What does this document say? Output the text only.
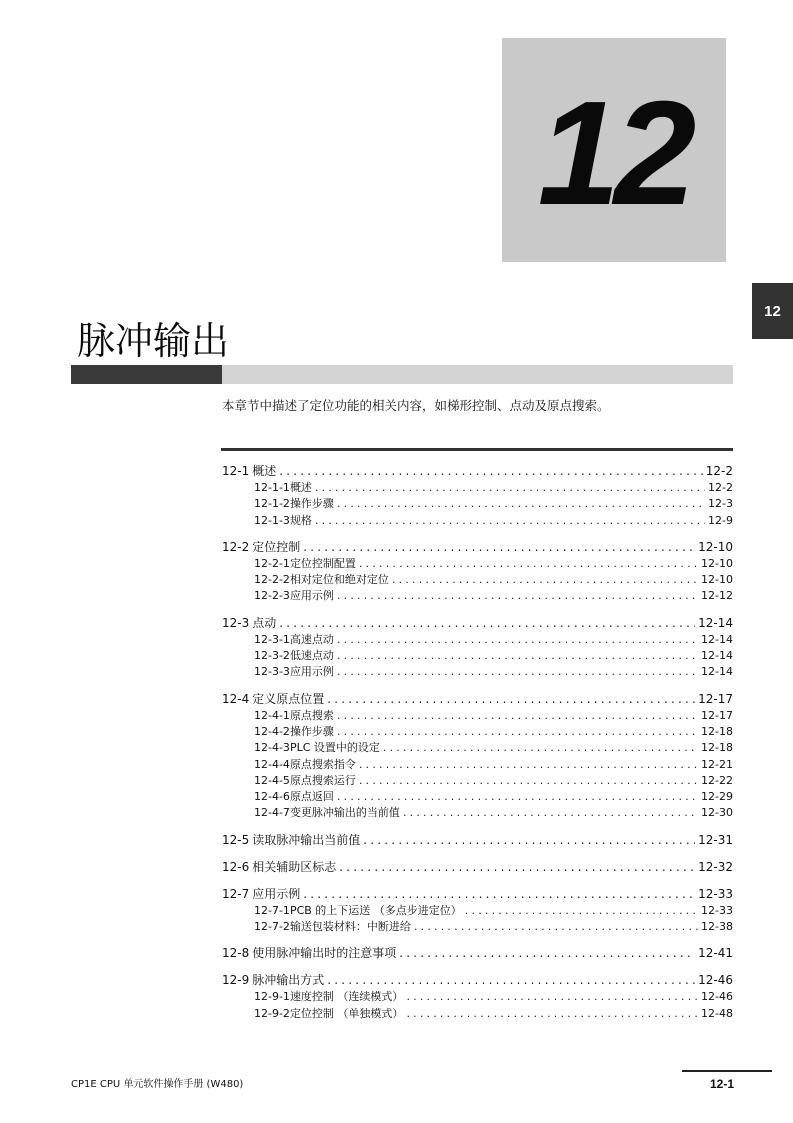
12
12
脉冲输出

本章节中描述了定位功能的相关内容，如梯形控制、点动及原点搜索。

12-1 概述 .....	12-2
12-1-1 概述 .....	12-2
12-1-2 操作步骤 .....	12-3
12-1-3 规格 .....	12-9
12-2 定位控制 .....	12-10
12-2-1 定位控制配置 .....	12-10
12-2-2 相对定位和绝对定位 .....	12-10
12-2-3 应用示例 .....	12-12
12-3 点动 .....	12-14
12-3-1 高速点动 .....	12-14
12-3-2 低速点动 .....	12-14
12-3-3 应用示例 .....	12-14
12-4 定义原点位置 .....	12-17
12-4-1 原点搜索 .....	12-17
12-4-2 操作步骤 .....	12-18
12-4-3 PLC 设置中的设定 .....	12-18
12-4-4 原点搜索指令 .....	12-21
12-4-5 原点搜索运行 .....	12-22
12-4-6 原点返回 .....	12-29
12-4-7 变更脉冲输出的当前值 .....	12-30
12-5 读取脉冲输出当前值 .....	12-31
12-6 相关辅助区标志 .....	12-32
12-7 应用示例 .....	12-33
12-7-1 PCB 的上下运送 （多点步进定位） .....	12-33
12-7-2 输送包装材料：中断进给 .....	12-38
12-8 使用脉冲输出时的注意事项 .....	12-41
12-9 脉冲输出方式 .....	12-46
12-9-1 速度控制 （连续模式） .....	12-46
12-9-2 定位控制 （单独模式） .....	12-48
CP1E CPU 单元软件操作手册 (W480)	12-1
